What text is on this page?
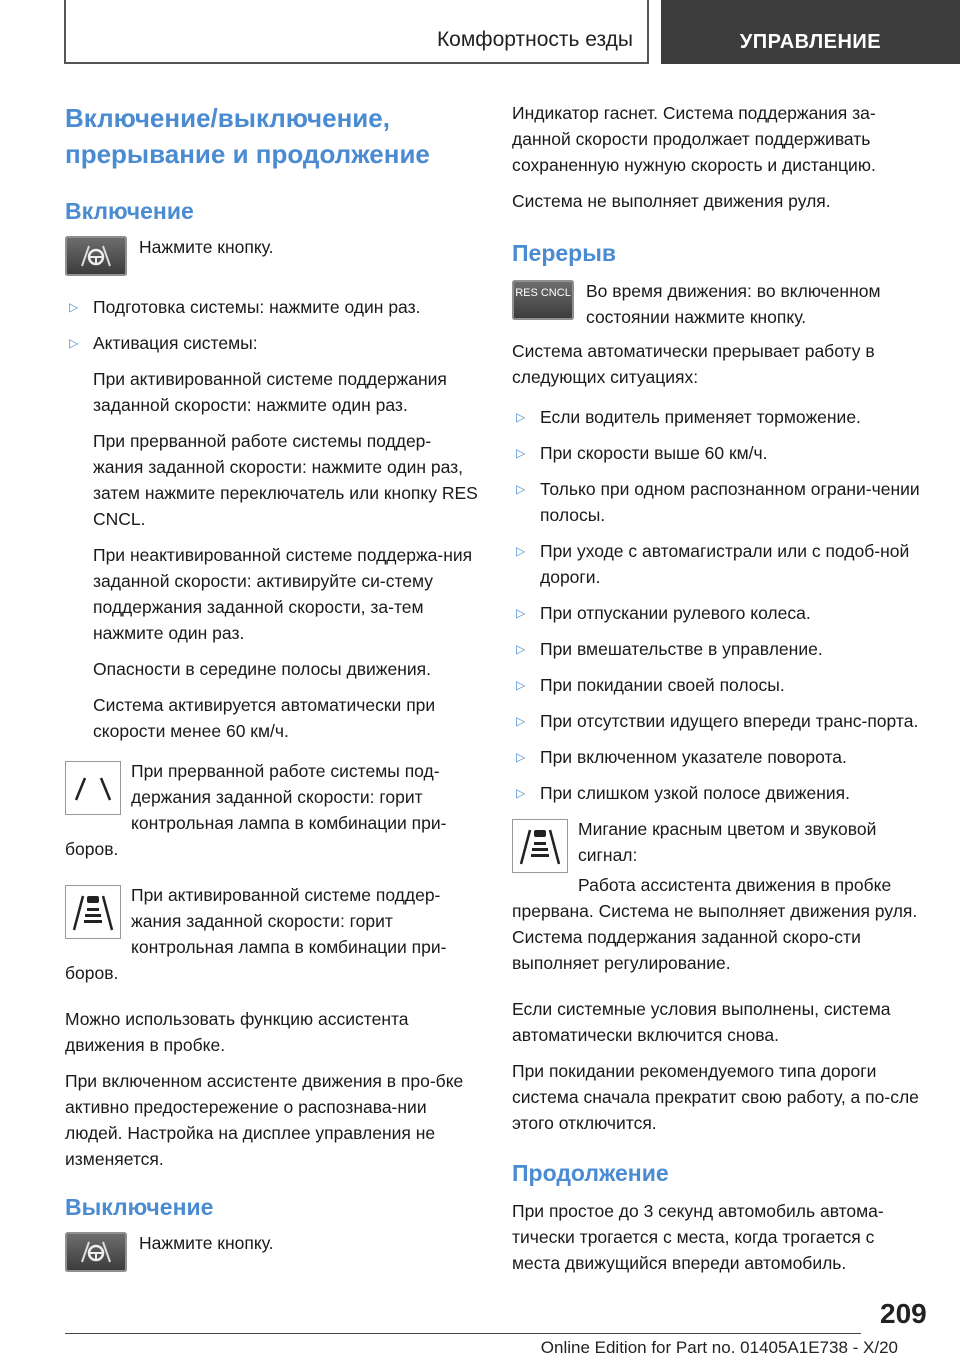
Комфортность езды	УПРАВЛЕНИЕ
Включение/выключение, прерывание и продолжение
Включение

Нажмите кнопку.

▷ Подготовка системы: нажмите один раз.
▷ Активация системы:

При активированной системе поддержания заданной скорости: нажмите один раз.

При прерванной работе системы поддер-жания заданной скорости: нажмите один раз, затем нажмите переключатель или кнопку RES CNCL.

При неактивированной системе поддержа-ния заданной скорости: активируйте си-стему поддержания заданной скорости, за-тем нажмите один раз.

Опасности в середине полосы движения.

Система активируется автоматически при скорости менее 60 км/ч.

При прерванной работе системы под-держания заданной скорости: горит контрольная лампа в комбинации при-боров.

При активированной системе поддер-жания заданной скорости: горит контрольная лампа в комбинации при-боров.

Можно использовать функцию ассистента движения в пробке.

При включенном ассистенте движения в про-бке активно предостережение о распознава-нии людей. Настройка на дисплее управления не изменяется.

Выключение

Нажмите кнопку.

Индикатор гаснет. Система поддержания за-данной скорости продолжает поддерживать сохраненную нужную скорость и дистанцию.

Система не выполняет движения руля.

Перерыв
RES CNCL Во время движения: во включенном состоянии нажмите кнопку.

Система автоматически прерывает работу в следующих ситуациях:

▷ Если водитель применяет торможение.
▷ При скорости выше 60 км/ч.
▷ Только при одном распознанном ограни-чении полосы.
▷ При уходе с автомагистрали или с подоб-ной дороги.
▷ При отпускании рулевого колеса.
▷ При вмешательстве в управление.
▷ При покидании своей полосы.
▷ При отсутствии идущего впереди транс-порта.
▷ При включенном указателе поворота.
▷ При слишком узкой полосе движения.

Мигание красным цветом и звуковой сигнал:

Работа ассистента движения в пробке прервана. Система не выполняет движения руля. Система поддержания заданной скоро-сти выполняет регулирование.

Если системные условия выполнены, система автоматически включится снова.

При покидании рекомендуемого типа дороги система сначала прекратит свою работу, а по-сле этого отключится.

Продолжение

При простое до 3 секунд автомобиль автома-тически трогается с места, когда трогается с места движущийся впереди автомобиль.

209
Online Edition for Part no. 01405A1E738 - X/20
